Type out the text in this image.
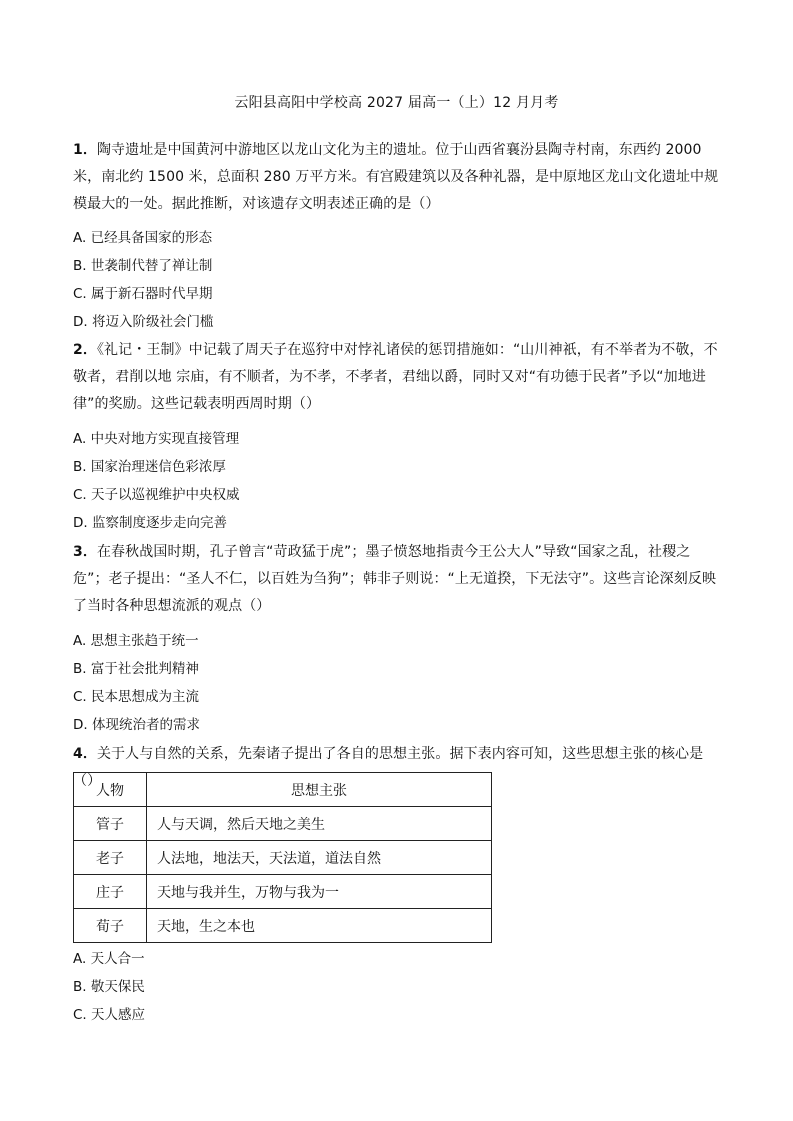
云阳县高阳中学校高 2027 届高一（上）12 月月考
1．陶寺遗址是中国黄河中游地区以龙山文化为主的遗址。位于山西省襄汾县陶寺村南，东西约 2000 米，南北约 1500 米，总面积 280 万平方米。有宫殿建筑以及各种礼器，是中原地区龙山文化遗址中规模最大的一处。据此推断，对该遗存文明表述正确的是（）
A. 已经具备国家的形态
B. 世袭制代替了禅让制
C. 属于新石器时代早期
D. 将迈入阶级社会门槛
2．《礼记・王制》中记载了周天子在巡狩中对悖礼诸侯的惩罚措施如：“山川神祇，有不举者为不敬，不敬者，君削以地 宗庙，有不顺者，为不孝，不孝者，君绌以爵，同时又对“有功德于民者”予以“加地进律”的奖励。这些记载表明西周时期（）
A. 中央对地方实现直接管理
B. 国家治理迷信色彩浓厚
C. 天子以巡视维护中央权威
D. 监察制度逐步走向完善
3．在春秋战国时期，孔子曾言“苛政猛于虎”；墨子愤怒地指责今王公大人”导致“国家之乱，社稷之危”；老子提出：“圣人不仁，以百姓为刍狗”；韩非子则说：“上无道揆，下无法守”。这些言论深刻反映了当时各种思想流派的观点（）
A. 思想主张趋于统一
B. 富于社会批判精神
C. 民本思想成为主流
D. 体现统治者的需求
4．关于人与自然的关系，先秦诸子提出了各自的思想主张。据下表内容可知，这些思想主张的核心是（）
人物	思想主张
管子	人与天调，然后天地之美生
老子	人法地，地法天，天法道，道法自然
庄子	天地与我并生，万物与我为一
荀子	天地，生之本也
A. 天人合一
B. 敬天保民
C. 天人感应
